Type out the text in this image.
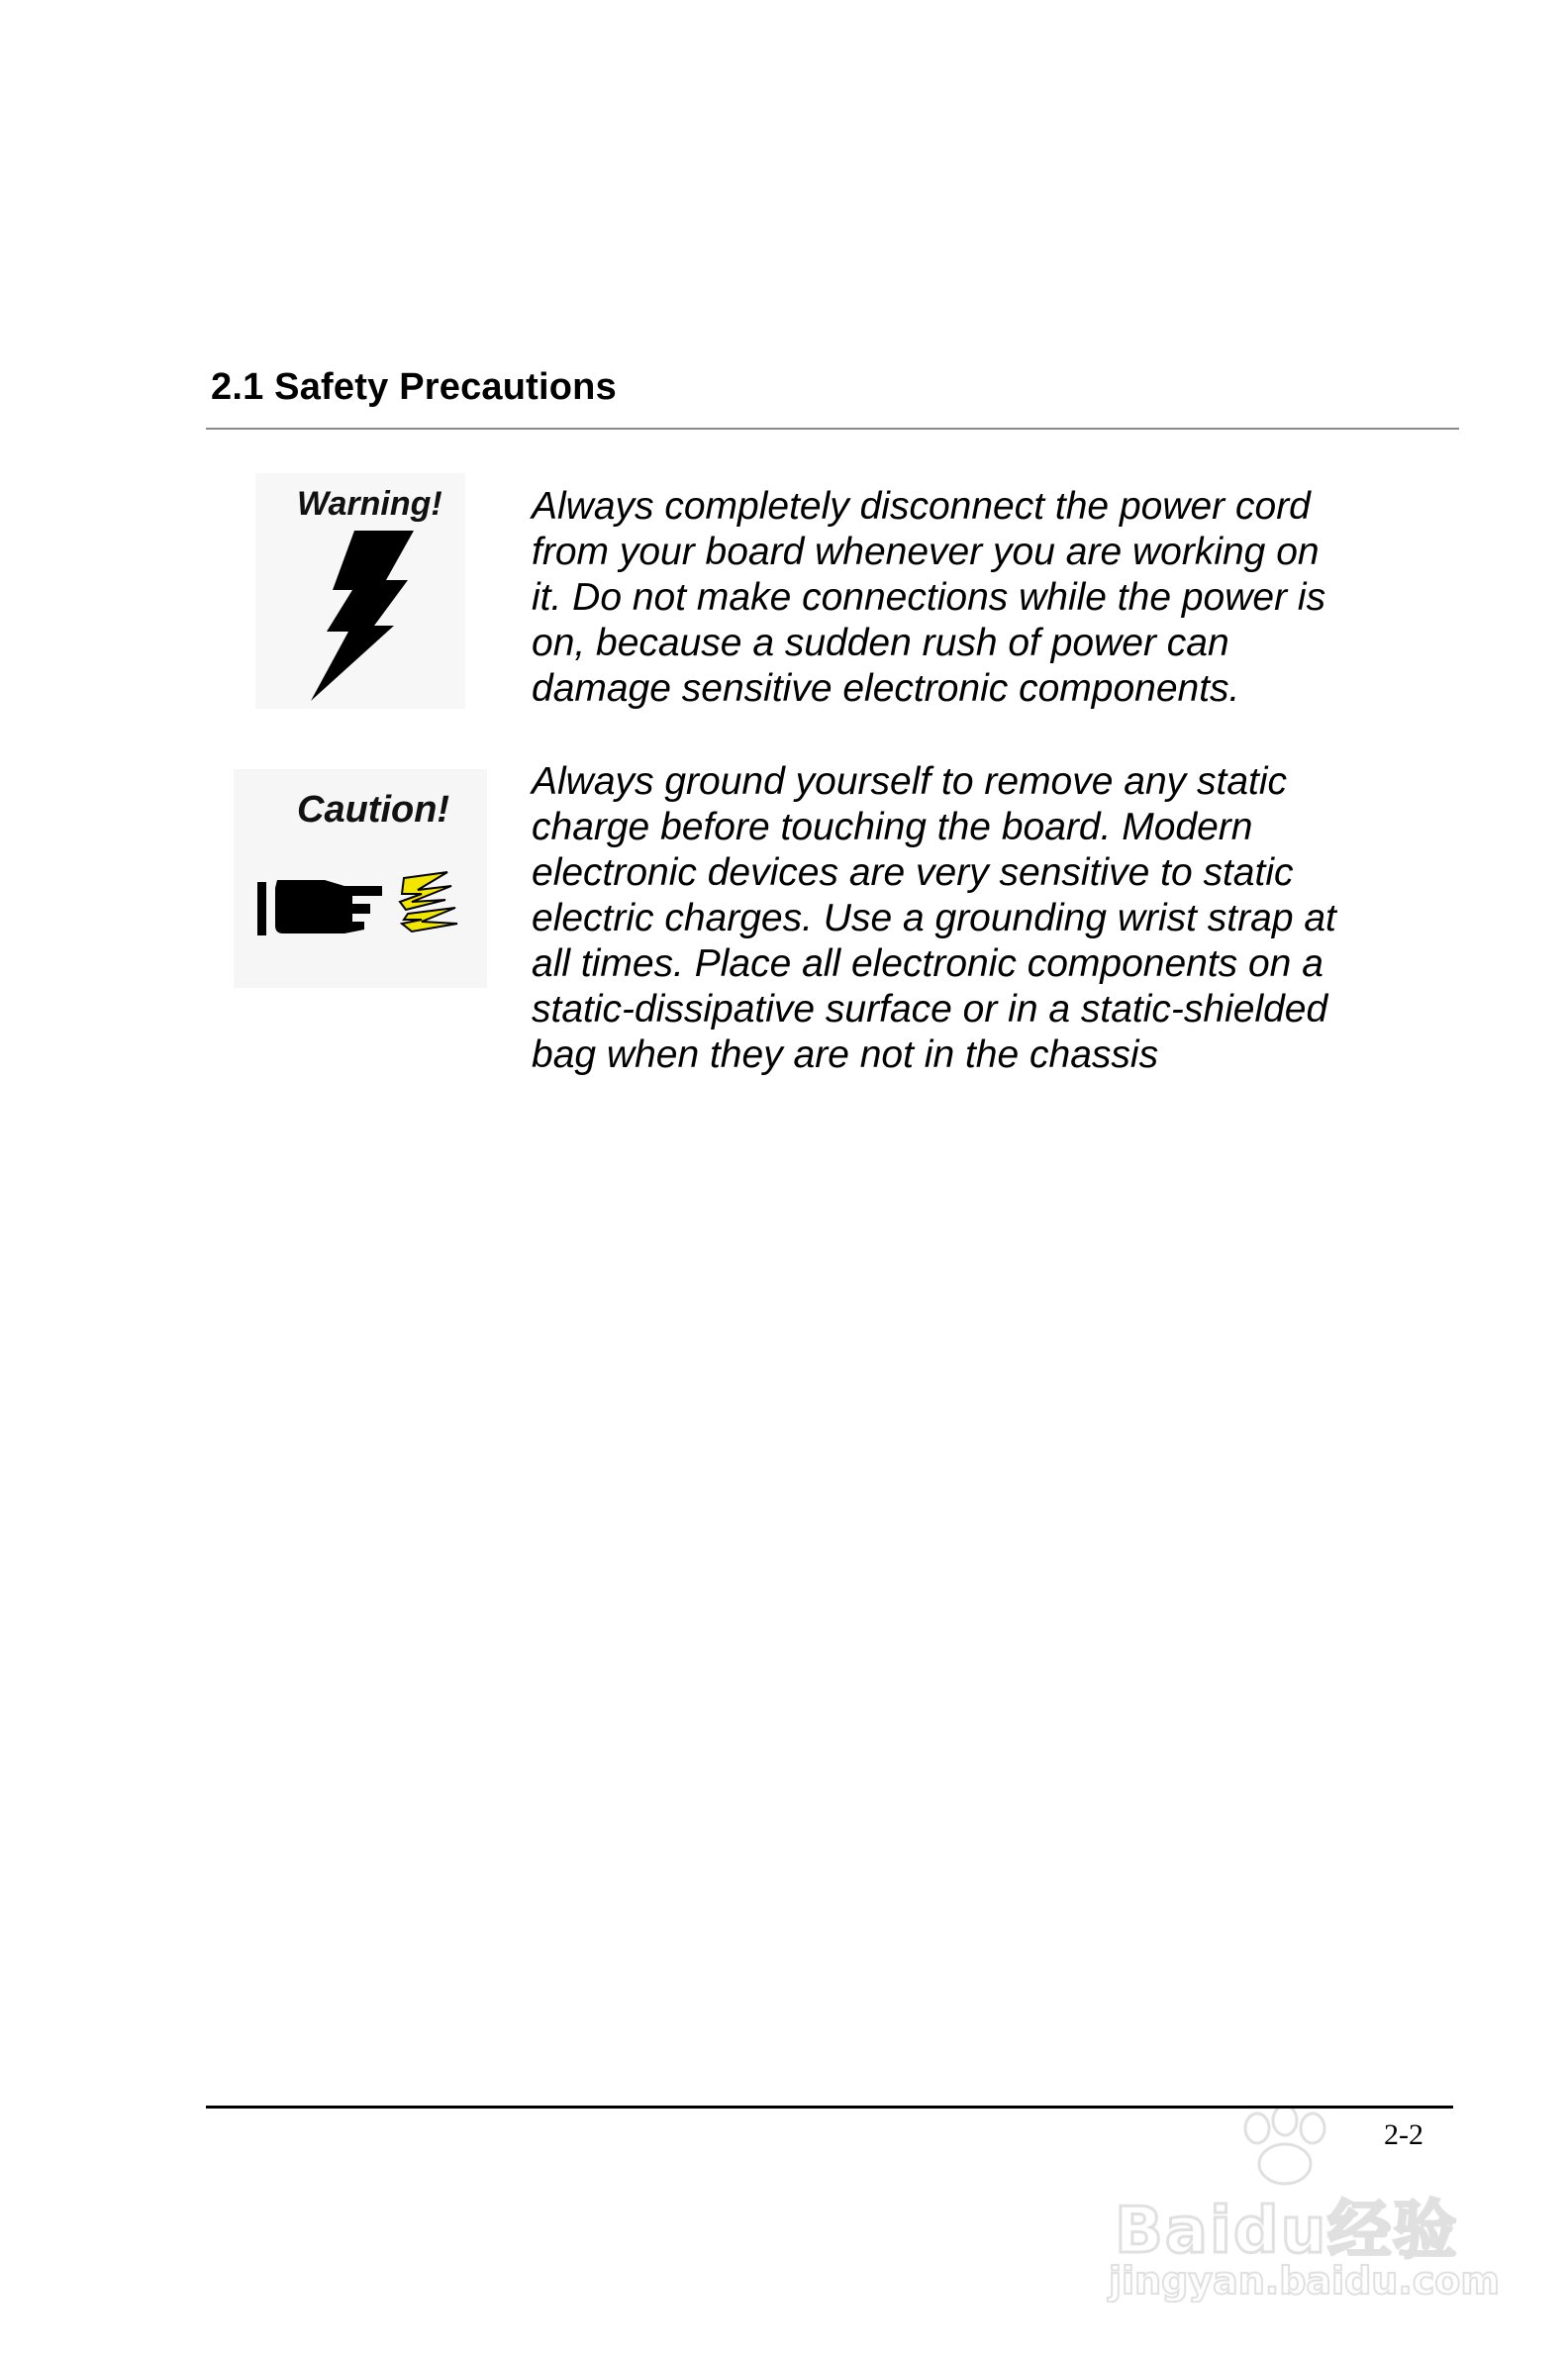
2.1 Safety Precautions
Warning! Always completely disconnect the power cord
from your board whenever you are working on
it. Do not make connections while the power is
on, because a sudden rush of power can
damage sensitive electronic components.
Caution!
Always ground yourself to remove any static
charge before touching the board. Modern
electronic devices are very sensitive to static
electric charges. Use a grounding wrist strap at
all times. Place all electronic components on a
static-dissipative surface or in a static-shielded
bag when they are not in the chassis
2-2
Baidu经验
jingyan.baidu.com
